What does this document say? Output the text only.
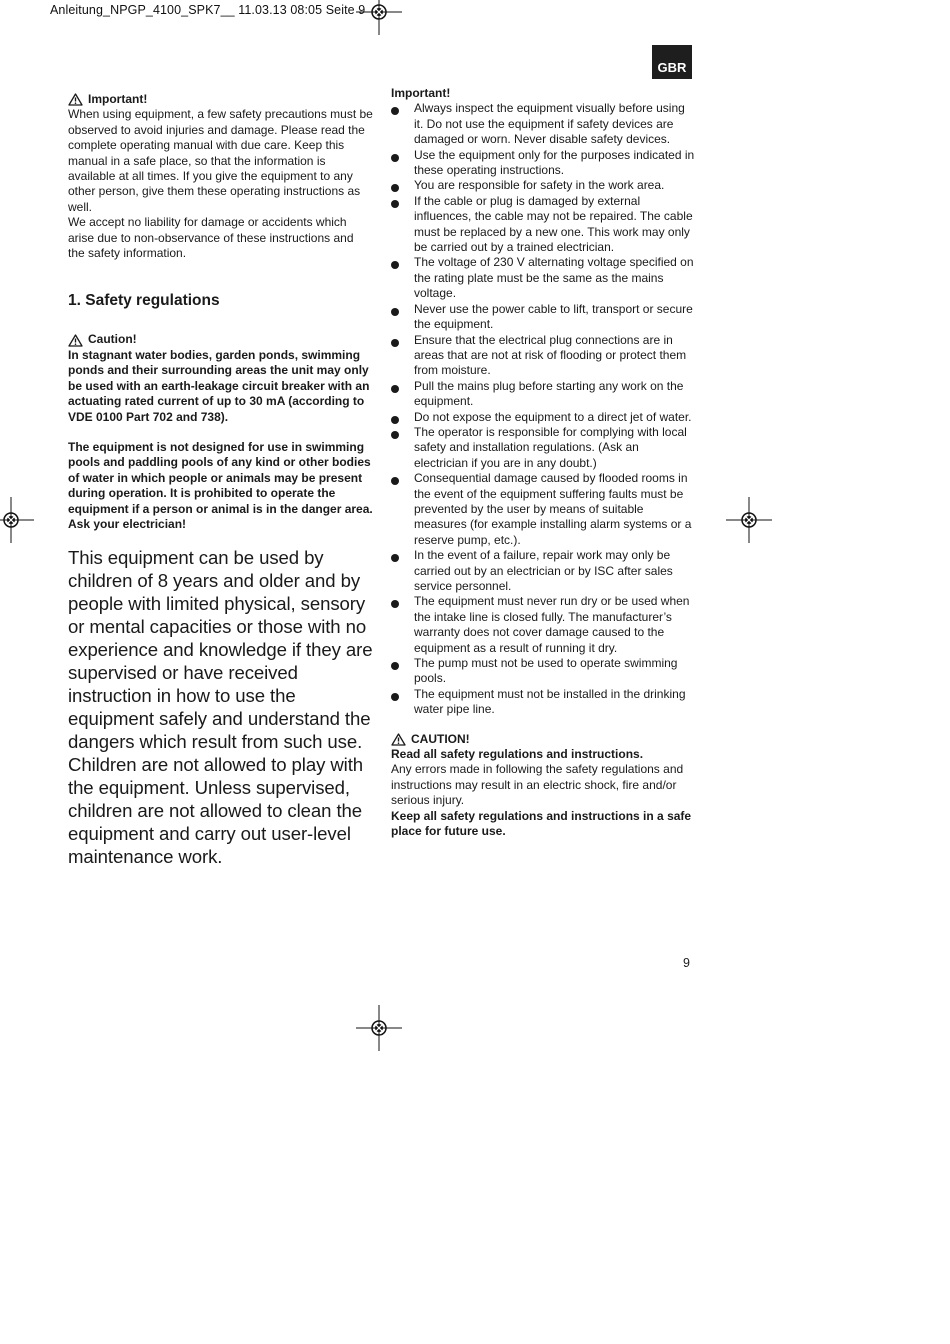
Anleitung_NPGP_4100_SPK7__ 11.03.13 08:05 Seite 9
GBR

Important!

When using equipment, a few safety precautions must be observed to avoid injuries and damage. Please read the complete operating manual with due care. Keep this manual in a safe place, so that the information is available at all times. If you give the equipment to any other person, give them these operating instructions as well.

We accept no liability for damage or accidents which arise due to non-observance of these instructions and the safety information.

1. Safety regulations

Caution!

In stagnant water bodies, garden ponds, swimming ponds and their surrounding areas the unit may only be used with an earth-leakage circuit breaker with an actuating rated current of up to 30 mA (according to VDE 0100 Part 702 and 738).

The equipment is not designed for use in swimming pools and paddling pools of any kind or other bodies of water in which people or animals may be present during operation. It is prohibited to operate the equipment if a person or animal is in the danger area. Ask your electrician!

This equipment can be used by children of 8 years and older and by people with limited physical, sensory or mental capacities or those with no experience and knowledge if they are supervised or have received instruction in how to use the equipment safely and understand the dangers which result from such use. Children are not allowed to play with the equipment. Unless supervised, children are not allowed to clean the equipment and carry out user-level maintenance work.

Important!

Always inspect the equipment visually before using it. Do not use the equipment if safety devices are damaged or worn. Never disable safety devices.
Use the equipment only for the purposes indicated in these operating instructions.
You are responsible for safety in the work area.
If the cable or plug is damaged by external influences, the cable may not be repaired. The cable must be replaced by a new one. This work may only be carried out by a trained electrician.
The voltage of 230 V alternating voltage specified on the rating plate must be the same as the mains voltage.
Never use the power cable to lift, transport or secure the equipment.
Ensure that the electrical plug connections are in areas that are not at risk of flooding or protect them from moisture.
Pull the mains plug before starting any work on the equipment.
Do not expose the equipment to a direct jet of water.
The operator is responsible for complying with local safety and installation regulations. (Ask an electrician if you are in any doubt.)
Consequential damage caused by flooded rooms in the event of the equipment suffering faults must be prevented by the user by means of suitable measures (for example installing alarm systems or a reserve pump, etc.).
In the event of a failure, repair work may only be carried out by an electrician or by ISC after sales service personnel.
The equipment must never run dry or be used when the intake line is closed fully. The manufacturer’s warranty does not cover damage caused to the equipment as a result of running it dry.
The pump must not be used to operate swimming pools.
The equipment must not be installed in the drinking water pipe line.

CAUTION!

Read all safety regulations and instructions.

Any errors made in following the safety regulations and instructions may result in an electric shock, fire and/or serious injury.

Keep all safety regulations and instructions in a safe place for future use.

9
